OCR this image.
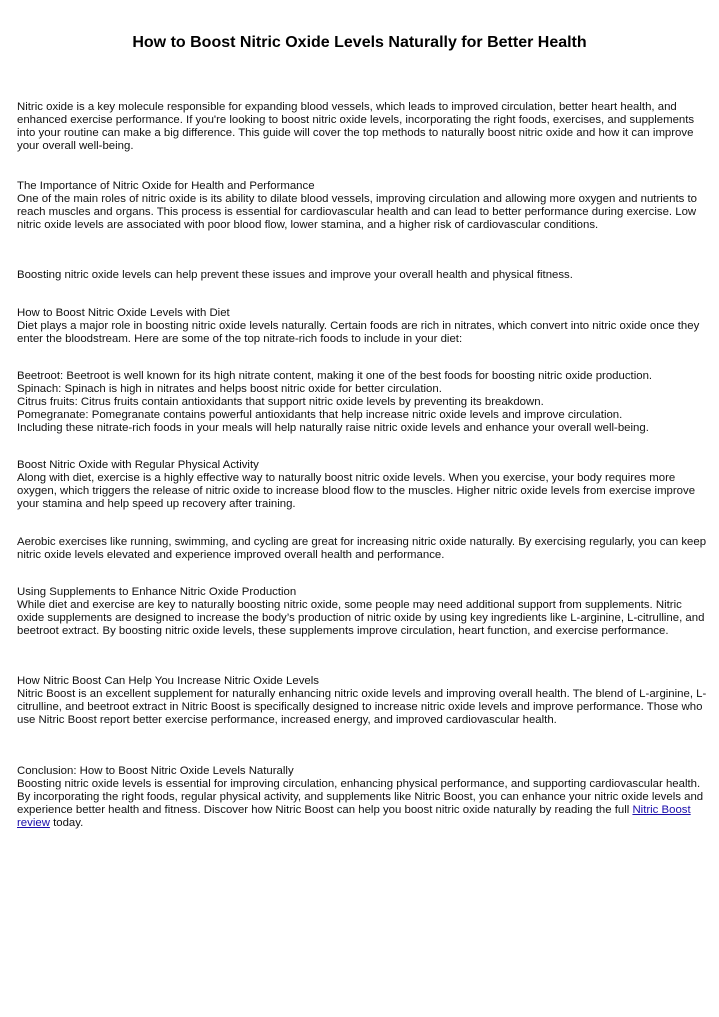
How to Boost Nitric Oxide Levels Naturally for Better Health

Nitric oxide is a key molecule responsible for expanding blood vessels, which leads to improved circulation, better heart health, and enhanced exercise performance. If you're looking to boost nitric oxide levels, incorporating the right foods, exercises, and supplements into your routine can make a big difference. This guide will cover the top methods to naturally boost nitric oxide and how it can improve your overall well-being.

The Importance of Nitric Oxide for Health and Performance

One of the main roles of nitric oxide is its ability to dilate blood vessels, improving circulation and allowing more oxygen and nutrients to reach muscles and organs. This process is essential for cardiovascular health and can lead to better performance during exercise. Low nitric oxide levels are associated with poor blood flow, lower stamina, and a higher risk of cardiovascular conditions.

Boosting nitric oxide levels can help prevent these issues and improve your overall health and physical fitness.

How to Boost Nitric Oxide Levels with Diet

Diet plays a major role in boosting nitric oxide levels naturally. Certain foods are rich in nitrates, which convert into nitric oxide once they enter the bloodstream. Here are some of the top nitrate-rich foods to include in your diet:

Beetroot: Beetroot is well known for its high nitrate content, making it one of the best foods for boosting nitric oxide production.
Spinach: Spinach is high in nitrates and helps boost nitric oxide for better circulation.
Citrus fruits: Citrus fruits contain antioxidants that support nitric oxide levels by preventing its breakdown.
Pomegranate: Pomegranate contains powerful antioxidants that help increase nitric oxide levels and improve circulation.
Including these nitrate-rich foods in your meals will help naturally raise nitric oxide levels and enhance your overall well-being.
Boost Nitric Oxide with Regular Physical Activity

Along with diet, exercise is a highly effective way to naturally boost nitric oxide levels. When you exercise, your body requires more oxygen, which triggers the release of nitric oxide to increase blood flow to the muscles. Higher nitric oxide levels from exercise improve your stamina and help speed up recovery after training.

Aerobic exercises like running, swimming, and cycling are great for increasing nitric oxide naturally. By exercising regularly, you can keep nitric oxide levels elevated and experience improved overall health and performance.

Using Supplements to Enhance Nitric Oxide Production

While diet and exercise are key to naturally boosting nitric oxide, some people may need additional support from supplements. Nitric oxide supplements are designed to increase the body’s production of nitric oxide by using key ingredients like L-arginine, L-citrulline, and beetroot extract. By boosting nitric oxide levels, these supplements improve circulation, heart function, and exercise performance.

How Nitric Boost Can Help You Increase Nitric Oxide Levels

Nitric Boost is an excellent supplement for naturally enhancing nitric oxide levels and improving overall health. The blend of L-arginine, L-citrulline, and beetroot extract in Nitric Boost is specifically designed to increase nitric oxide levels and improve performance. Those who use Nitric Boost report better exercise performance, increased energy, and improved cardiovascular health.

Conclusion: How to Boost Nitric Oxide Levels Naturally

Boosting nitric oxide levels is essential for improving circulation, enhancing physical performance, and supporting cardiovascular health. By incorporating the right foods, regular physical activity, and supplements like Nitric Boost, you can enhance your nitric oxide levels and experience better health and fitness. Discover how Nitric Boost can help you boost nitric oxide naturally by reading the full Nitric Boost review today.
